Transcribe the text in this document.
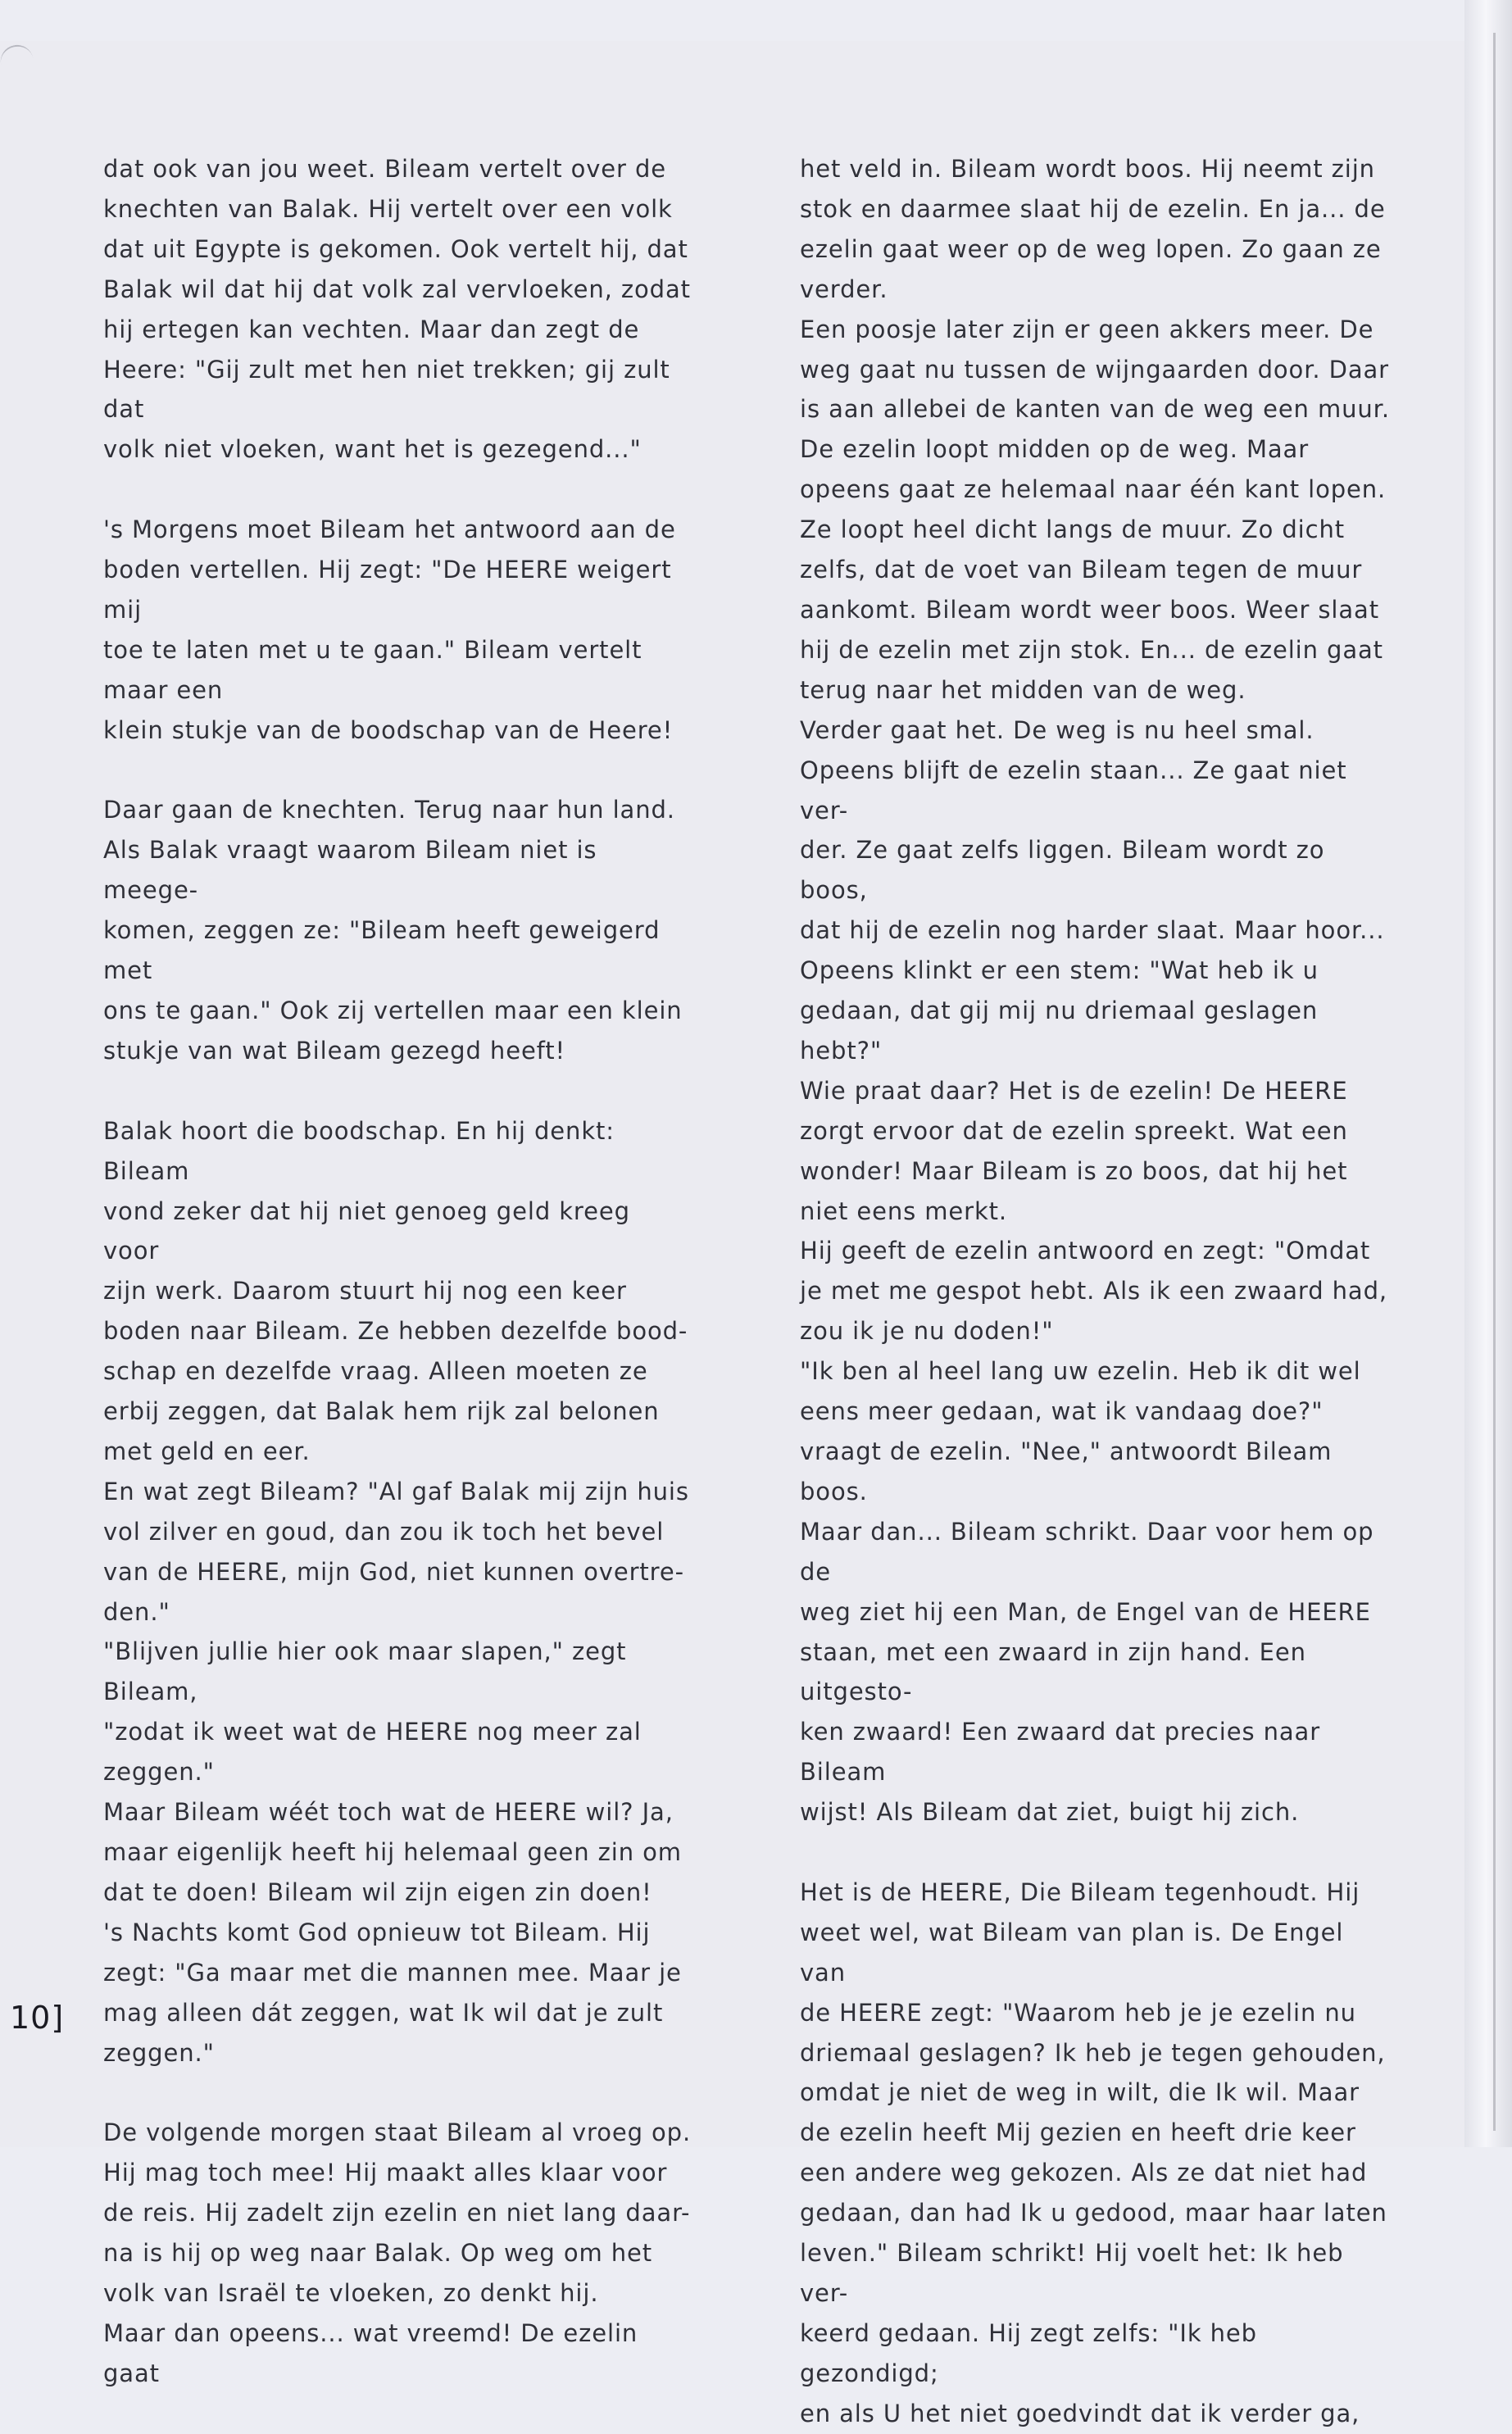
dat ook van jou weet. Bileam vertelt over de
knechten van Balak. Hij vertelt over een volk
dat uit Egypte is gekomen. Ook vertelt hij, dat
Balak wil dat hij dat volk zal vervloeken, zodat
hij ertegen kan vechten. Maar dan zegt de
Heere: "Gij zult met hen niet trekken; gij zult dat
volk niet vloeken, want het is gezegend..."

's Morgens moet Bileam het antwoord aan de
boden vertellen. Hij zegt: "De HEERE weigert mij
toe te laten met u te gaan." Bileam vertelt maar een
klein stukje van de boodschap van de Heere!

Daar gaan de knechten. Terug naar hun land.
Als Balak vraagt waarom Bileam niet is meege-
komen, zeggen ze: "Bileam heeft geweigerd met
ons te gaan." Ook zij vertellen maar een klein
stukje van wat Bileam gezegd heeft!

Balak hoort die boodschap. En hij denkt: Bileam
vond zeker dat hij niet genoeg geld kreeg voor
zijn werk. Daarom stuurt hij nog een keer
boden naar Bileam. Ze hebben dezelfde bood-
schap en dezelfde vraag. Alleen moeten ze
erbij zeggen, dat Balak hem rijk zal belonen
met geld en eer.
En wat zegt Bileam? "Al gaf Balak mij zijn huis
vol zilver en goud, dan zou ik toch het bevel
van de HEERE, mijn God, niet kunnen overtre-
den."
"Blijven jullie hier ook maar slapen," zegt Bileam,
"zodat ik weet wat de HEERE nog meer zal
zeggen."
Maar Bileam wéét toch wat de HEERE wil? Ja,
maar eigenlijk heeft hij helemaal geen zin om
dat te doen! Bileam wil zijn eigen zin doen!
's Nachts komt God opnieuw tot Bileam. Hij
zegt: "Ga maar met die mannen mee. Maar je
mag alleen dát zeggen, wat Ik wil dat je zult
zeggen."

De volgende morgen staat Bileam al vroeg op.
Hij mag toch mee! Hij maakt alles klaar voor
de reis. Hij zadelt zijn ezelin en niet lang daar-
na is hij op weg naar Balak. Op weg om het
volk van Israël te vloeken, zo denkt hij.
Maar dan opeens... wat vreemd! De ezelin gaat

het veld in. Bileam wordt boos. Hij neemt zijn
stok en daarmee slaat hij de ezelin. En ja... de
ezelin gaat weer op de weg lopen. Zo gaan ze
verder.
Een poosje later zijn er geen akkers meer. De
weg gaat nu tussen de wijngaarden door. Daar
is aan allebei de kanten van de weg een muur.
De ezelin loopt midden op de weg. Maar
opeens gaat ze helemaal naar één kant lopen.
Ze loopt heel dicht langs de muur. Zo dicht
zelfs, dat de voet van Bileam tegen de muur
aankomt. Bileam wordt weer boos. Weer slaat
hij de ezelin met zijn stok. En... de ezelin gaat
terug naar het midden van de weg.
Verder gaat het. De weg is nu heel smal.
Opeens blijft de ezelin staan... Ze gaat niet ver-
der. Ze gaat zelfs liggen. Bileam wordt zo boos,
dat hij de ezelin nog harder slaat. Maar hoor...
Opeens klinkt er een stem: "Wat heb ik u
gedaan, dat gij mij nu driemaal geslagen hebt?"
Wie praat daar? Het is de ezelin! De HEERE
zorgt ervoor dat de ezelin spreekt. Wat een
wonder! Maar Bileam is zo boos, dat hij het
niet eens merkt.
Hij geeft de ezelin antwoord en zegt: "Omdat
je met me gespot hebt. Als ik een zwaard had,
zou ik je nu doden!"
"Ik ben al heel lang uw ezelin. Heb ik dit wel
eens meer gedaan, wat ik vandaag doe?"
vraagt de ezelin. "Nee," antwoordt Bileam boos.
Maar dan... Bileam schrikt. Daar voor hem op de
weg ziet hij een Man, de Engel van de HEERE
staan, met een zwaard in zijn hand. Een uitgesto-
ken zwaard! Een zwaard dat precies naar Bileam
wijst! Als Bileam dat ziet, buigt hij zich.

Het is de HEERE, Die Bileam tegenhoudt. Hij
weet wel, wat Bileam van plan is. De Engel van
de HEERE zegt: "Waarom heb je je ezelin nu
driemaal geslagen? Ik heb je tegen gehouden,
omdat je niet de weg in wilt, die Ik wil. Maar
de ezelin heeft Mij gezien en heeft drie keer
een andere weg gekozen. Als ze dat niet had
gedaan, dan had Ik u gedood, maar haar laten
leven." Bileam schrikt! Hij voelt het: Ik heb ver-
keerd gedaan. Hij zegt zelfs: "Ik heb gezondigd;
en als U het niet goedvindt dat ik verder ga,

10]
